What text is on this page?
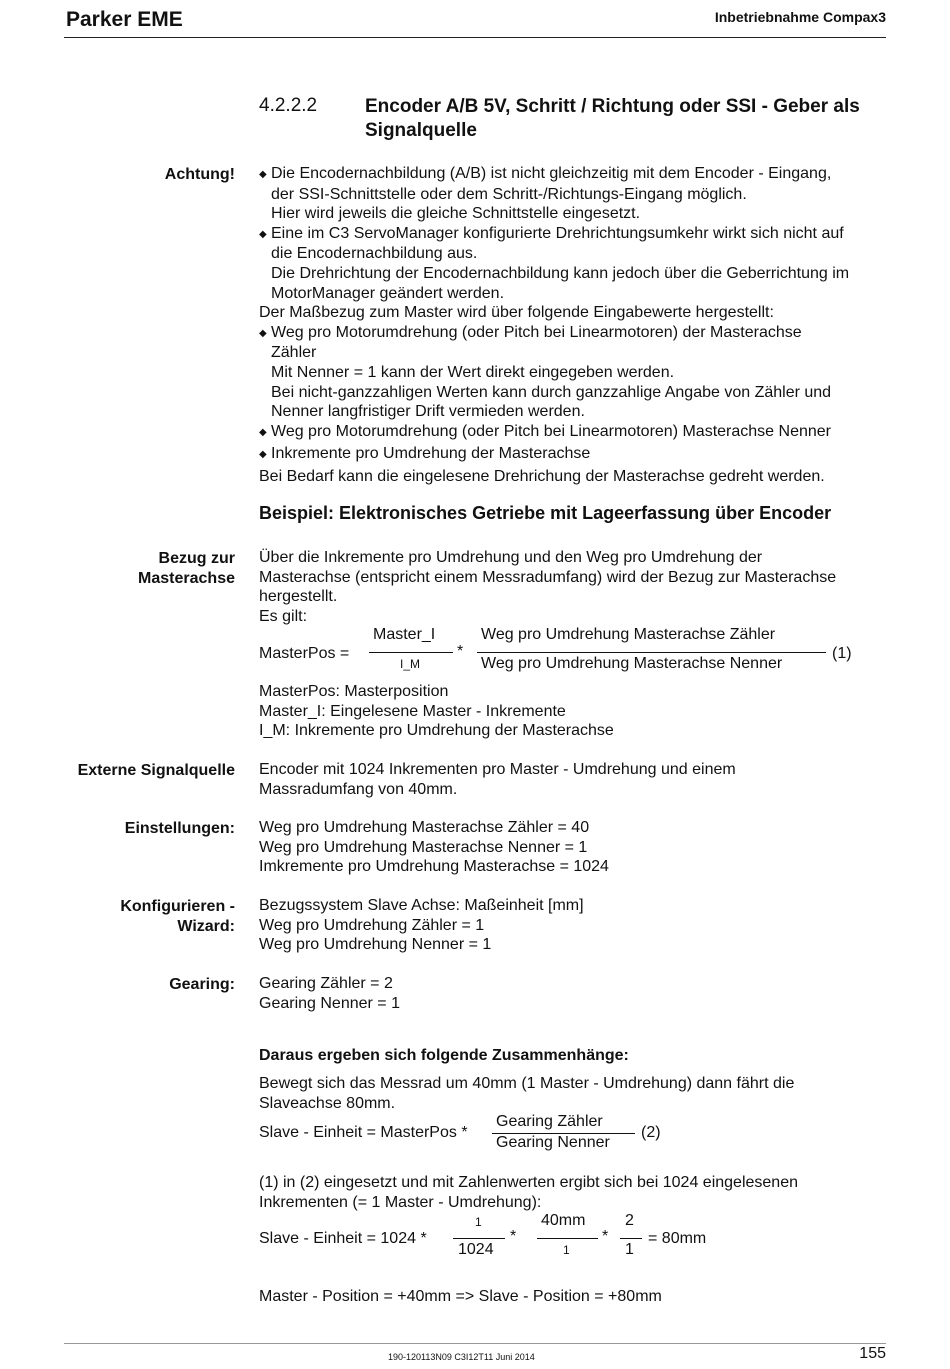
Parker EME	Inbetriebnahme Compax3
4.2.2.2	Encoder A/B 5V, Schritt / Richtung oder SSI - Geber als Signalquelle
Achtung! ◆ Die Encodernachbildung (A/B) ist nicht gleichzeitig mit dem Encoder - Eingang,
der SSI-Schnittstelle oder dem Schritt-/Richtungs-Eingang möglich.
Hier wird jeweils die gleiche Schnittstelle eingesetzt.
◆ Eine im C3 ServoManager konfigurierte Drehrichtungsumkehr wirkt sich nicht auf
die Encodernachbildung aus.
Die Drehrichtung der Encodernachbildung kann jedoch über die Geberrichtung im
MotorManager geändert werden.
Der Maßbezug zum Master wird über folgende Eingabewerte hergestellt:
◆ Weg pro Motorumdrehung (oder Pitch bei Linearmotoren) der Masterachse
Zähler
Mit Nenner = 1 kann der Wert direkt eingegeben werden.
Bei nicht-ganzzahligen Werten kann durch ganzzahlige Angabe von Zähler und
Nenner langfristiger Drift vermieden werden.
◆ Weg pro Motorumdrehung (oder Pitch bei Linearmotoren) Masterachse Nenner
◆ Inkremente pro Umdrehung der Masterachse
Bei Bedarf kann die eingelesene Drehrichung der Masterachse gedreht werden.
Beispiel: Elektronisches Getriebe mit Lageerfassung über Encoder
Bezug zur
Masterachse
Über die Inkremente pro Umdrehung und den Weg pro Umdrehung der
Masterachse (entspricht einem Messradumfang) wird der Bezug zur Masterachse
hergestellt.
Es gilt:
MasterPos =
Master_I
I_M
*
Weg pro Umdrehung Masterachse Zähler
Weg pro Umdrehung Masterachse Nenner
(1)
MasterPos: Masterposition
Master_I: Eingelesene Master - Inkremente
I_M: Inkremente pro Umdrehung der Masterachse
Externe Signalquelle Encoder mit 1024 Inkrementen pro Master - Umdrehung und einem
Massradumfang von 40mm.
Einstellungen: Weg pro Umdrehung Masterachse Zähler = 40
Weg pro Umdrehung Masterachse Nenner = 1
Imkremente pro Umdrehung Masterachse = 1024
Konfigurieren -
Wizard:
Bezugssystem Slave Achse: Maßeinheit [mm]
Weg pro Umdrehung Zähler = 1
Weg pro Umdrehung Nenner = 1
Gearing: Gearing Zähler = 2
Gearing Nenner = 1
Daraus ergeben sich folgende Zusammenhänge:
Bewegt sich das Messrad um 40mm (1 Master - Umdrehung) dann fährt die
Slaveachse 80mm.
Slave - Einheit = MasterPos *
Gearing Zähler
Gearing Nenner
(2)
(1) in (2) eingesetzt und mit Zahlenwerten ergibt sich bei 1024 eingelesenen
Inkrementen (= 1 Master - Umdrehung):
Slave - Einheit = 1024 *
1
1024
*
40mm
1
*
2
1
= 80mm
Master - Position = +40mm => Slave - Position = +80mm
190-120113N09 C3I12T11 Juni 2014	155
